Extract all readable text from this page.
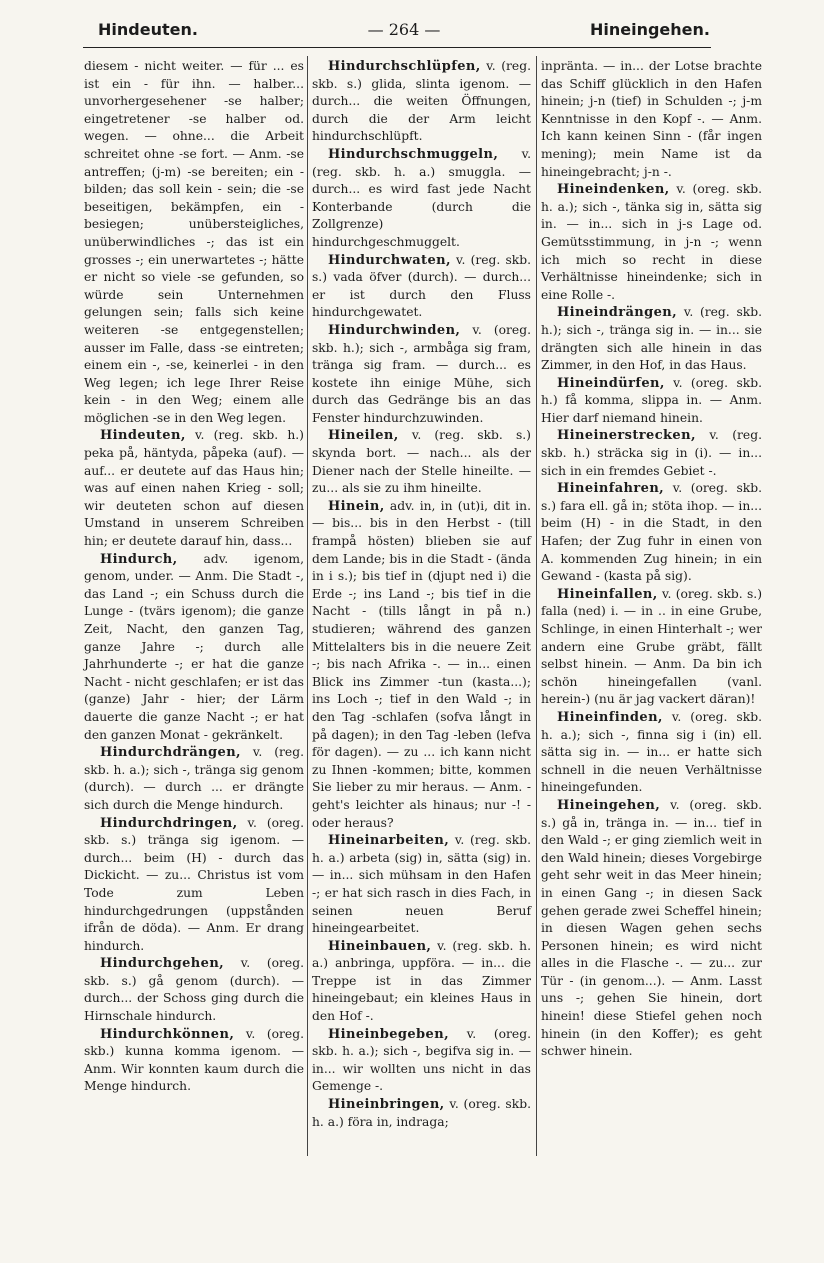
Hindeuten.	— 264 —	Hineingehen.

diesem - nicht weiter. — für ... es ist ein - für ihn. — halber... unvorhergesehener -se halber; eingetretener -se halber od. wegen. — ohne... die Arbeit schreitet ohne -se fort. — Anm. -se antreffen; (j-m) -se bereiten; ein - bilden; das soll kein - sein; die -se beseitigen, bekämpfen, ein - besiegen; unübersteigliches, unüberwindliches -; das ist ein grosses -; ein unerwartetes -; hätte er nicht so viele -se gefunden, so würde sein Unternehmen gelungen sein; falls sich keine weiteren -se entgegenstellen; ausser im Falle, dass -se eintreten; einem ein -, -se, keinerlei - in den Weg legen; ich lege Ihrer Reise kein - in den Weg; einem alle möglichen -se in den Weg legen.

Hindeuten, v. (reg. skb. h.) peka på, häntyda, påpeka (auf). — auf... er deutete auf das Haus hin; was auf einen nahen Krieg - soll; wir deuteten schon auf diesen Umstand in unserem Schreiben hin; er deutete darauf hin, dass...

Hindurch, adv. igenom, genom, under. — Anm. Die Stadt -, das Land -; ein Schuss durch die Lunge - (tvärs igenom); die ganze Zeit, Nacht, den ganzen Tag, ganze Jahre -; durch alle Jahrhunderte -; er hat die ganze Nacht - nicht geschlafen; er ist das (ganze) Jahr - hier; der Lärm dauerte die ganze Nacht -; er hat den ganzen Monat - gekränkelt.

Hindurchdrängen, v. (reg. skb. h. a.); sich -, tränga sig genom (durch). — durch ... er drängte sich durch die Menge hindurch.

Hindurchdringen, v. (oreg. skb. s.) tränga sig igenom. — durch... beim (H) - durch das Dickicht. — zu... Christus ist vom Tode zum Leben hindurchgedrungen (uppstånden ifrån de döda). — Anm. Er drang hindurch.

Hindurchgehen, v. (oreg. skb. s.) gå genom (durch). — durch... der Schoss ging durch die Hirnschale hindurch.

Hindurchkönnen, v. (oreg. skb.) kunna komma igenom. — Anm. Wir konnten kaum durch die Menge hindurch.

Hindurchschlüpfen, v. (reg. skb. s.) glida, slinta igenom. — durch... die weiten Öffnungen, durch die der Arm leicht hindurchschlüpft.

Hindurchschmuggeln, v. (reg. skb. h. a.) smuggla. — durch... es wird fast jede Nacht Konterbande (durch die Zollgrenze) hindurchgeschmuggelt.

Hindurchwaten, v. (reg. skb. s.) vada öfver (durch). — durch... er ist durch den Fluss hindurchgewatet.

Hindurchwinden, v. (oreg. skb. h.); sich -, armbåga sig fram, tränga sig fram. — durch... es kostete ihn einige Mühe, sich durch das Gedränge bis an das Fenster hindurchzuwinden.

Hineilen, v. (reg. skb. s.) skynda bort. — nach... als der Diener nach der Stelle hineilte. — zu... als sie zu ihm hineilte.

Hinein, adv. in, in (ut)i, dit in. — bis... bis in den Herbst - (till frampå hösten) blieben sie auf dem Lande; bis in die Stadt - (ända in i s.); bis tief in (djupt ned i) die Erde -; ins Land -; bis tief in die Nacht - (tills långt in på n.) studieren; während des ganzen Mittelalters bis in die neuere Zeit -; bis nach Afrika -. — in... einen Blick ins Zimmer -tun (kasta...); ins Loch -; tief in den Wald -; in den Tag -schlafen (sofva långt in på dagen); in den Tag -leben (lefva för dagen). — zu ... ich kann nicht zu Ihnen -kommen; bitte, kommen Sie lieber zu mir heraus. — Anm. - geht's leichter als hinaus; nur -! - oder heraus?

Hineinarbeiten, v. (reg. skb. h. a.) arbeta (sig) in, sätta (sig) in. — in... sich mühsam in den Hafen -; er hat sich rasch in dies Fach, in seinen neuen Beruf hineingearbeitet.

Hineinbauen, v. (reg. skb. h. a.) anbringa, uppföra. — in... die Treppe ist in das Zimmer hineingebaut; ein kleines Haus in den Hof -.

Hineinbegeben, v. (oreg. skb. h. a.); sich -, begifva sig in. — in... wir wollten uns nicht in das Gemenge -.

Hineinbringen, v. (oreg. skb. h. a.) föra in, indraga;

inpränta. — in... der Lotse brachte das Schiff glücklich in den Hafen hinein; j-n (tief) in Schulden -; j-m Kenntnisse in den Kopf -. — Anm. Ich kann keinen Sinn - (får ingen mening); mein Name ist da hineingebracht; j-n -.

Hineindenken, v. (oreg. skb. h. a.); sich -, tänka sig in, sätta sig in. — in... sich in j-s Lage od. Gemütsstimmung, in j-n -; wenn ich mich so recht in diese Verhältnisse hineindenke; sich in eine Rolle -.

Hineindrängen, v. (reg. skb. h.); sich -, tränga sig in. — in... sie drängten sich alle hinein in das Zimmer, in den Hof, in das Haus.

Hineindürfen, v. (oreg. skb. h.) få komma, slippa in. — Anm. Hier darf niemand hinein.

Hineinerstrecken, v. (reg. skb. h.) sträcka sig in (i). — in... sich in ein fremdes Gebiet -.

Hineinfahren, v. (oreg. skb. s.) fara ell. gå in; stöta ihop. — in... beim (H) - in die Stadt, in den Hafen; der Zug fuhr in einen von A. kommenden Zug hinein; in ein Gewand - (kasta på sig).

Hineinfallen, v. (oreg. skb. s.) falla (ned) i. — in .. in eine Grube, Schlinge, in einen Hinterhalt -; wer andern eine Grube gräbt, fällt selbst hinein. — Anm. Da bin ich schön hineingefallen (vanl. herein-) (nu är jag vackert däran)!

Hineinfinden, v. (oreg. skb. h. a.); sich -, finna sig i (in) ell. sätta sig in. — in... er hatte sich schnell in die neuen Verhältnisse hineingefunden.

Hineingehen, v. (oreg. skb. s.) gå in, tränga in. — in... tief in den Wald -; er ging ziemlich weit in den Wald hinein; dieses Vorgebirge geht sehr weit in das Meer hinein; in einen Gang -; in diesen Sack gehen gerade zwei Scheffel hinein; in diesen Wagen gehen sechs Personen hinein; es wird nicht alles in die Flasche -. — zu... zur Tür - (in genom...). — Anm. Lasst uns -; gehen Sie hinein, dort hinein! diese Stiefel gehen noch hinein (in den Koffer); es geht schwer hinein.
